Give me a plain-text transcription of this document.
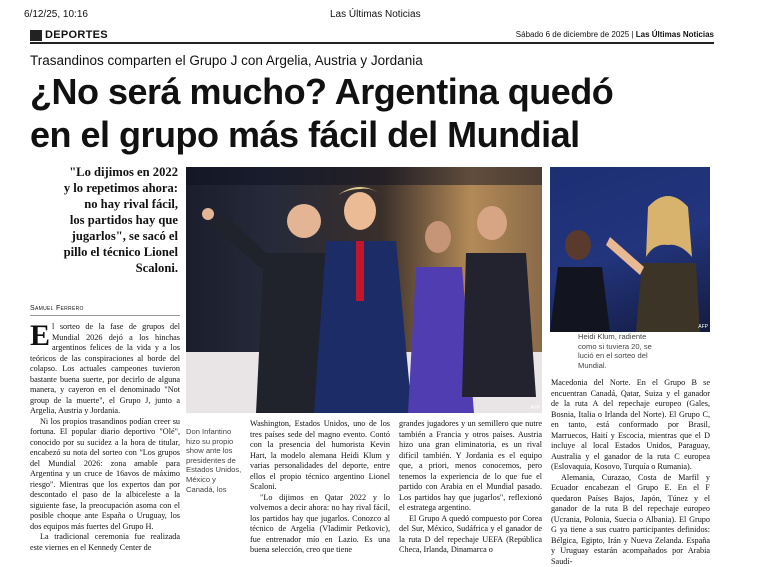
6/12/25, 10:16	Las Últimas Noticias
DEPORTES	Sábado 6 de diciembre de 2025 | Las Últimas Noticias
Trasandinos comparten el Grupo J con Argelia, Austria y Jordania
¿No será mucho? Argentina quedó
en el grupo más fácil del Mundial
"Lo dijimos en 2022
y lo repetimos ahora:
no hay rival fácil,
los partidos hay que
jugarlos", se sacó el
pillo el técnico Lionel
Scaloni.
Samuel Ferrero

El sorteo de la fase de grupos del Mundial 2026 dejó a los hinchas argentinos felices de la vida y a los teóricos de las conspiraciones al borde del colapso. Los actuales campeones tuvieron bastante buena suerte, por decirlo de alguna manera, y cayeron en el denominado "Not group de la muerte", el Grupo J, junto a Argelia, Austria y Jordania.

Ni los propios trasandinos podían creer su fortuna. El popular diario deportivo "Olé", conocido por su sucidez a la hora de titular, encabezó su nota del sorteo con "Los grupos del Mundial 2026: zona amable para Argentina y un cruce de 16avos de máximo riesgo". Mientras que los expertos dan por descontado el paso de la albiceleste a la siguiente fase, la preocupación asoma con el posible choque ante España o Uruguay, los dos equipos más fuertes del Grupo H.

La tradicional ceremonia fue realizada este viernes en el Kennedy Center de

AFP
AFP
Heidi Klum, radiente como si tuviera 20, se lució en el sorteo del Mundial.
Don Infantino hizo su propio show ante los presidentes de Estados Unidos, México y Canadá, los

Washington, Estados Unidos, uno de los tres países sede del magno evento. Contó con la presencia del humorista Kevin Hart, la modelo alemana Heidi Klum y varias personalidades del deporte, entre ellos el propio técnico argentino Lionel Scaloni.

"Lo dijimos en Qatar 2022 y lo volvemos a decir ahora: no hay rival fácil, los partidos hay que jugarlos. Conozco al técnico de Argelia (Vladimir Petkovic), fue entrenador mío en Lazio. Es una buena selección, creo que tiene

grandes jugadores y un semillero que nutre también a Francia y otros países. Austria hizo una gran eliminatoria, es un rival difícil también. Y Jordania es el equipo que, a priori, menos conocemos, pero tenemos la experiencia de lo que fue el partido con Arabia en el Mundial pasado. Los partidos hay que jugarlos", reflexionó el estratega argentino.

El Grupo A quedó compuesto por Corea del Sur, México, Sudáfrica y el ganador de la ruta D del repechaje UEFA (República Checa, Irlanda, Dinamarca o

Macedonia del Norte. En el Grupo B se encuentran Canadá, Qatar, Suiza y el ganador de la ruta A del repechaje europeo (Gales, Bosnia, Italia o Irlanda del Norte). El Grupo C, en tanto, está conformado por Brasil, Marruecos, Haití y Escocia, mientras que el D incluye al local Estados Unidos, Paraguay, Australia y el ganador de la ruta C europea (Eslovaquia, Kosovo, Turquía o Rumania).

Alemania, Curazao, Costa de Marfil y Ecuador encabezan el Grupo E. En el F quedaron Países Bajos, Japón, Túnez y el ganador de la ruta B del repechaje europeo (Ucrania, Polonia, Suecia o Albania). El Grupo G ya tiene a sus cuatro participantes definidos: Bélgica, Egipto, Irán y Nueva Zelanda. España y Uruguay estarán acompañados por Arabia Saudí-
